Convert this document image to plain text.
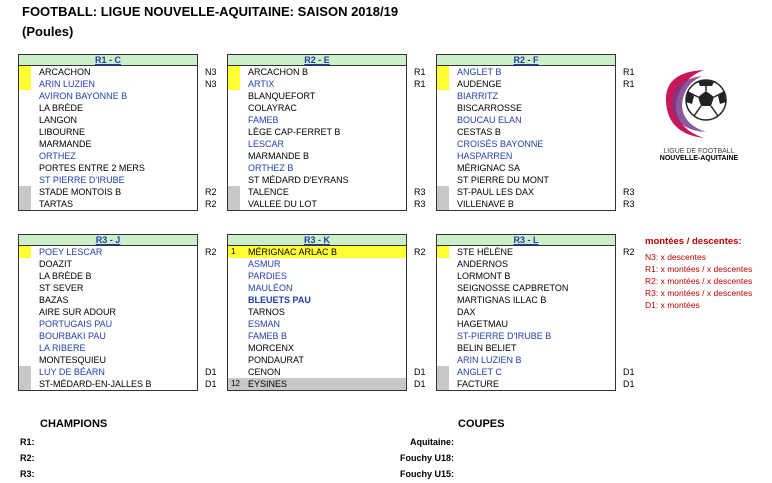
FOOTBALL: LIGUE NOUVELLE-AQUITAINE: SAISON 2018/19
(Poules)
R1 - C
ARCACHON	N3
ARIN LUZIEN	N3
AVIRON BAYONNE B
LA BRÈDE
LANGON
LIBOURNE
MARMANDE
ORTHEZ
PORTES ENTRE 2 MERS
ST PIERRE D'IRUBE
STADE MONTOIS B	R2
TARTAS	R2
R2 - E
ARCACHON B	R1
ARTIX	R1
BLANQUEFORT
COLAYRAC
FAMEB
LÈGE CAP-FERRET B
LESCAR
MARMANDE B
ORTHEZ B
ST MÉDARD D'EYRANS
TALENCE	R3
VALLEE DU LOT	R3
R2 - F
ANGLET B	R1
AUDENGE	R1
BIARRITZ
BISCARROSSE
BOUCAU ELAN
CESTAS B
CROISÉS BAYONNE
HASPARREN
MÉRIGNAC SA
ST PIERRE DU MONT
ST-PAUL LES DAX	R3
VILLENAVE B	R3
R3 - J
POEY LESCAR	R2
DOAZIT
LA BRÈDE B
ST SEVER
BAZAS
AIRE SUR ADOUR
PORTUGAIS PAU
BOURBAKI PAU
LA RIBERE
MONTESQUIEU
LUY DE BÉARN	D1
ST-MÉDARD-EN-JALLES B	D1
R3 - K
1	MÉRIGNAC ARLAC B	R2
ASMUR
PARDIES
MAULÉON
BLEUETS PAU
TARNOS
ESMAN
FAMEB B
MORCENX
PONDAURAT
CENON	D1
12 EYSINES	D1
R3 - L
STE HÉLÈNE	R2
ANDERNOS
LORMONT B
SEIGNOSSE CAPBRETON
MARTIGNAS ILLAC B
DAX
HAGETMAU
ST-PIERRE D'IRUBE B
BELIN BELIET
ARIN LUZIEN B
ANGLET C	D1
FACTURE	D1
LIGUE DE FOOTBALL
NOUVELLE-AQUITAINE
montées / descentes:
N3: x descentes
R1: x montées / x descentes
R2: x montées / x descentes
R3: x montées / x descentes
D1: x montées
CHAMPIONS
R1:
R2:
R3:
COUPES
Aquitaine:
Fouchy U18:
Fouchy U15:
